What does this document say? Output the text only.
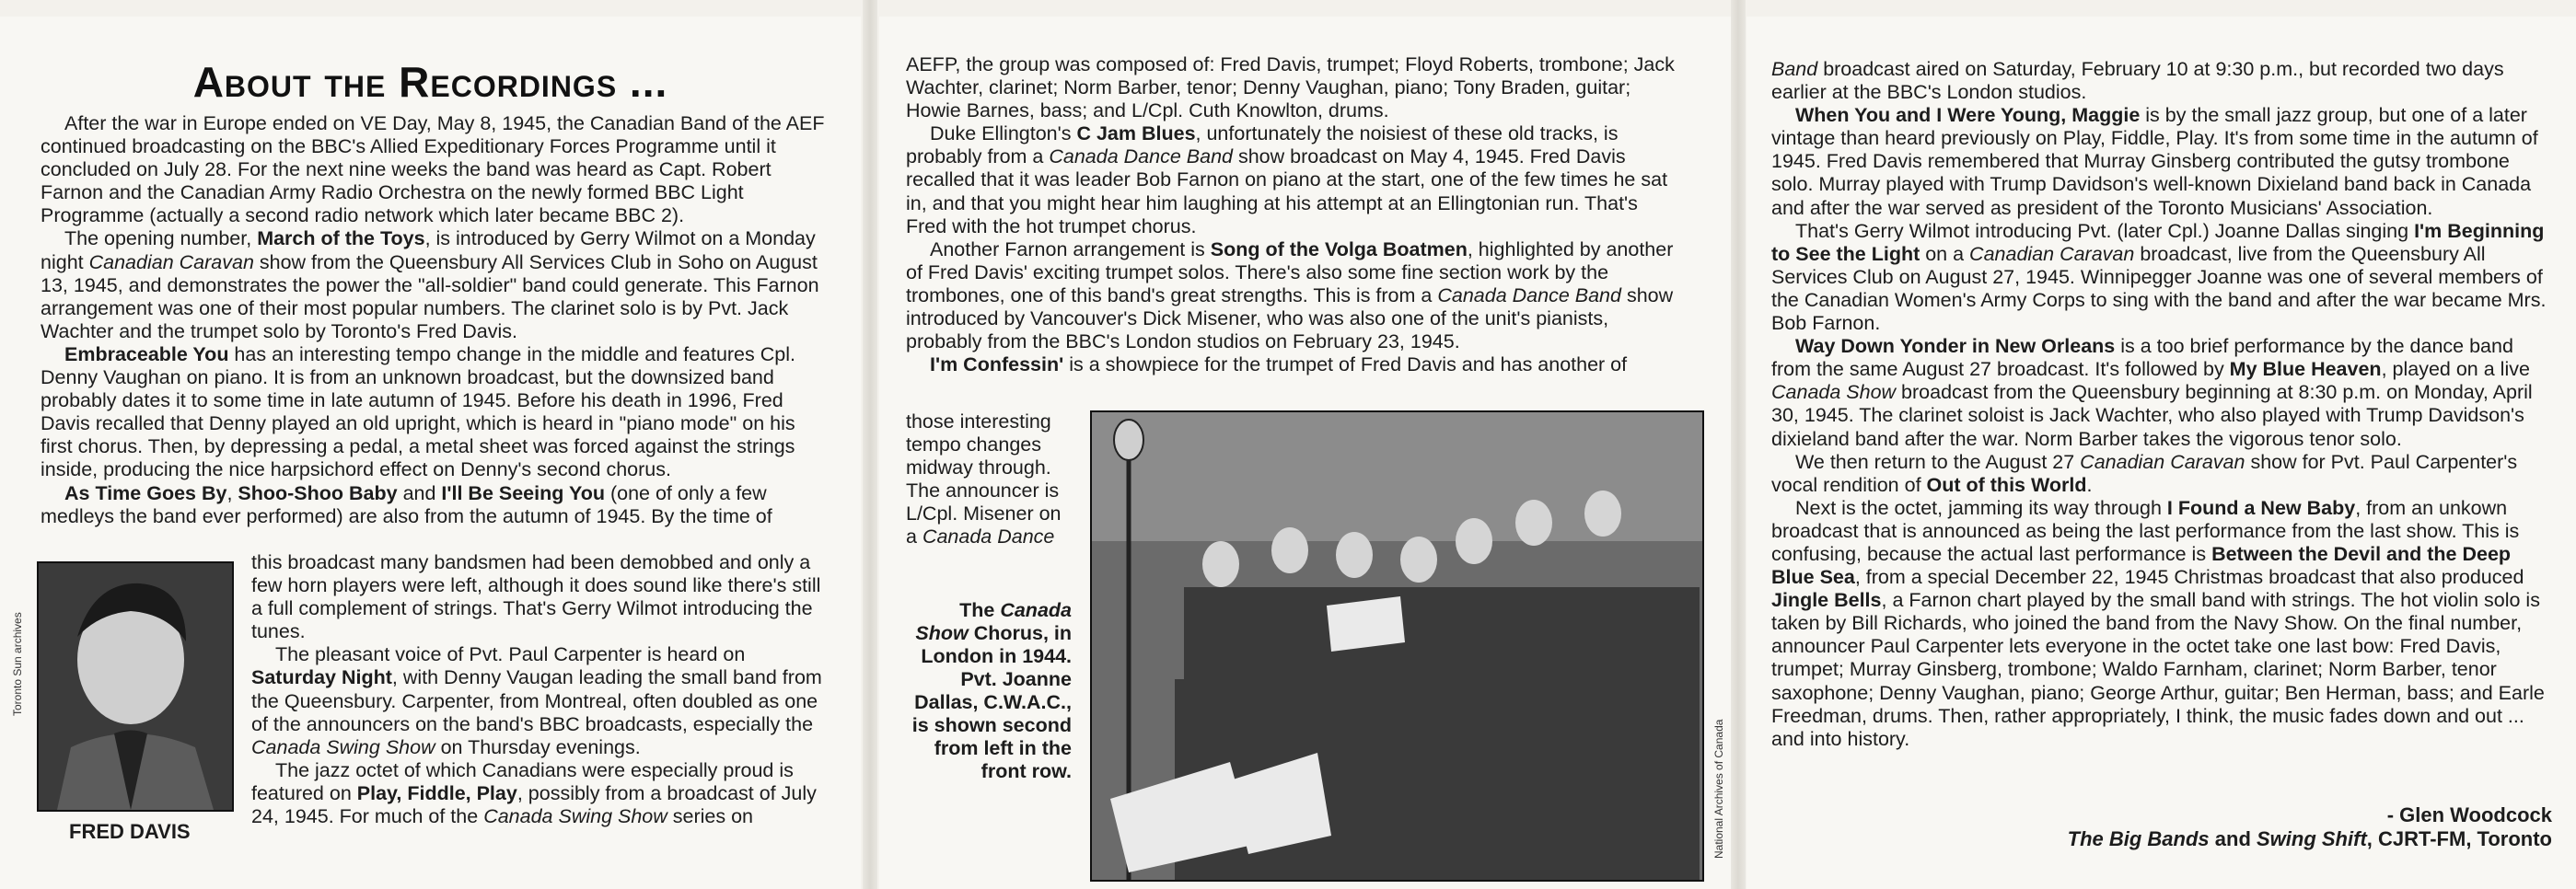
About the Recordings ...

After the war in Europe ended on VE Day, May 8, 1945, the Canadian Band of the AEF continued broadcasting on the BBC's Allied Expeditionary Forces Programme until it concluded on July 28. For the next nine weeks the band was heard as Capt. Robert Farnon and the Canadian Army Radio Orchestra on the newly formed BBC Light Programme (actually a second radio network which later became BBC 2).

The opening number, March of the Toys, is introduced by Gerry Wilmot on a Monday night Canadian Caravan show from the Queensbury All Services Club in Soho on August 13, 1945, and demonstrates the power the "all-soldier" band could generate. This Farnon arrangement was one of their most popular numbers. The clarinet solo is by Pvt. Jack Wachter and the trumpet solo by Toronto's Fred Davis.

Embraceable You has an interesting tempo change in the middle and features Cpl. Denny Vaughan on piano. It is from an unknown broadcast, but the downsized band probably dates it to some time in late autumn of 1945. Before his death in 1996, Fred Davis recalled that Denny played an old upright, which is heard in "piano mode" on his first chorus. Then, by depressing a pedal, a metal sheet was forced against the strings inside, producing the nice harpsichord effect on Denny's second chorus.

As Time Goes By, Shoo-Shoo Baby and I'll Be Seeing You (one of only a few medleys the band ever performed) are also from the autumn of 1945. By the time of

Toronto Sun archives
FRED DAVIS

this broadcast many bandsmen had been demobbed and only a few horn players were left, although it does sound like there's still a full complement of strings. That's Gerry Wilmot introducing the tunes.

The pleasant voice of Pvt. Paul Carpenter is heard on Saturday Night, with Denny Vaugan leading the small band from the Queensbury. Carpenter, from Montreal, often doubled as one of the announcers on the band's BBC broadcasts, especially the Canada Swing Show on Thursday evenings.

The jazz octet of which Canadians were especially proud is featured on Play, Fiddle, Play, possibly from a broadcast of July 24, 1945. For much of the Canada Swing Show series on

AEFP, the group was composed of: Fred Davis, trumpet; Floyd Roberts, trombone; Jack Wachter, clarinet; Norm Barber, tenor; Denny Vaughan, piano; Tony Braden, guitar; Howie Barnes, bass; and L/Cpl. Cuth Knowlton, drums.

Duke Ellington's C Jam Blues, unfortunately the noisiest of these old tracks, is probably from a Canada Dance Band show broadcast on May 4, 1945. Fred Davis recalled that it was leader Bob Farnon on piano at the start, one of the few times he sat in, and that you might hear him laughing at his attempt at an Ellingtonian run. That's Fred with the hot trumpet chorus.

Another Farnon arrangement is Song of the Volga Boatmen, highlighted by another of Fred Davis' exciting trumpet solos. There's also some fine section work by the trombones, one of this band's great strengths. This is from a Canada Dance Band show introduced by Vancouver's Dick Misener, who was also one of the unit's pianists, probably from the BBC's London studios on February 23, 1945.

I'm Confessin' is a showpiece for the trumpet of Fred Davis and has another of

those interesting tempo changes midway through. The announcer is L/Cpl. Misener on a Canada Dance

The Canada Show Chorus, in London in 1944. Pvt. Joanne Dallas, C.W.A.C., is shown second from left in the front row.	National Archives of Canada

Band broadcast aired on Saturday, February 10 at 9:30 p.m., but recorded two days earlier at the BBC's London studios.

When You and I Were Young, Maggie is by the small jazz group, but one of a later vintage than heard previously on Play, Fiddle, Play. It's from some time in the autumn of 1945. Fred Davis remembered that Murray Ginsberg contributed the gutsy trombone solo. Murray played with Trump Davidson's well-known Dixieland band back in Canada and after the war served as president of the Toronto Musicians' Association.

That's Gerry Wilmot introducing Pvt. (later Cpl.) Joanne Dallas singing I'm Beginning to See the Light on a Canadian Caravan broadcast, live from the Queensbury All Services Club on August 27, 1945. Winnipegger Joanne was one of several members of the Canadian Women's Army Corps to sing with the band and after the war became Mrs. Bob Farnon.

Way Down Yonder in New Orleans is a too brief performance by the dance band from the same August 27 broadcast. It's followed by My Blue Heaven, played on a live Canada Show broadcast from the Queensbury beginning at 8:30 p.m. on Monday, April 30, 1945. The clarinet soloist is Jack Wachter, who also played with Trump Davidson's dixieland band after the war. Norm Barber takes the vigorous tenor solo.

We then return to the August 27 Canadian Caravan show for Pvt. Paul Carpenter's vocal rendition of Out of this World.

Next is the octet, jamming its way through I Found a New Baby, from an unkown broadcast that is announced as being the last performance from the last show. This is confusing, because the actual last performance is Between the Devil and the Deep Blue Sea, from a special December 22, 1945 Christmas broadcast that also produced Jingle Bells, a Farnon chart played by the small band with strings. The hot violin solo is taken by Bill Richards, who joined the band from the Navy Show. On the final number, announcer Paul Carpenter lets everyone in the octet take one last bow: Fred Davis, trumpet; Murray Ginsberg, trombone; Waldo Farnham, clarinet; Norm Barber, tenor saxophone; Denny Vaughan, piano; George Arthur, guitar; Ben Herman, bass; and Earle Freedman, drums. Then, rather appropriately, I think, the music fades down and out ... and into history.

- Glen Woodcock
The Big Bands and Swing Shift, CJRT-FM, Toronto
